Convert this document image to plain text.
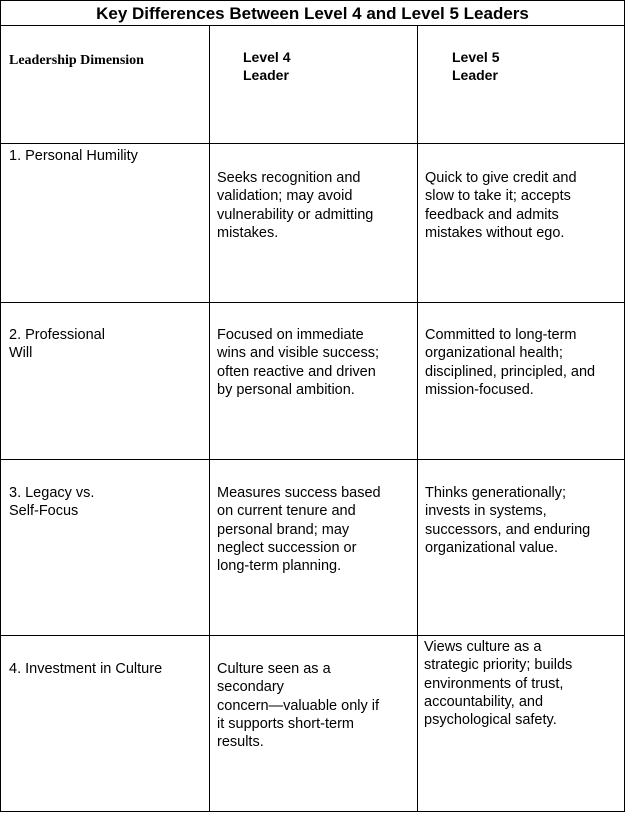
Key Differences Between Level 4 and Level 5 Leaders
Leadership Dimension	Level 4
Leader
Level 5
Leader
1. Personal Humility
Seeks recognition and
validation; may avoid
vulnerability or admitting
mistakes.
Quick to give credit and
slow to take it; accepts
feedback and admits
mistakes without ego.
2. Professional
Will
Focused on immediate
wins and visible success;
often reactive and driven
by personal ambition.
Committed to long-term
organizational health;
disciplined, principled, and
mission-focused.
3. Legacy vs.
Self-Focus
Measures success based
on current tenure and
personal brand; may
neglect succession or
long-term planning.
Thinks generationally;
invests in systems,
successors, and enduring
organizational value.
4. Investment in Culture	Culture seen as a
secondary
concern—valuable only if
it supports short-term
results.
Views culture as a
strategic priority; builds
environments of trust,
accountability, and
psychological safety.
